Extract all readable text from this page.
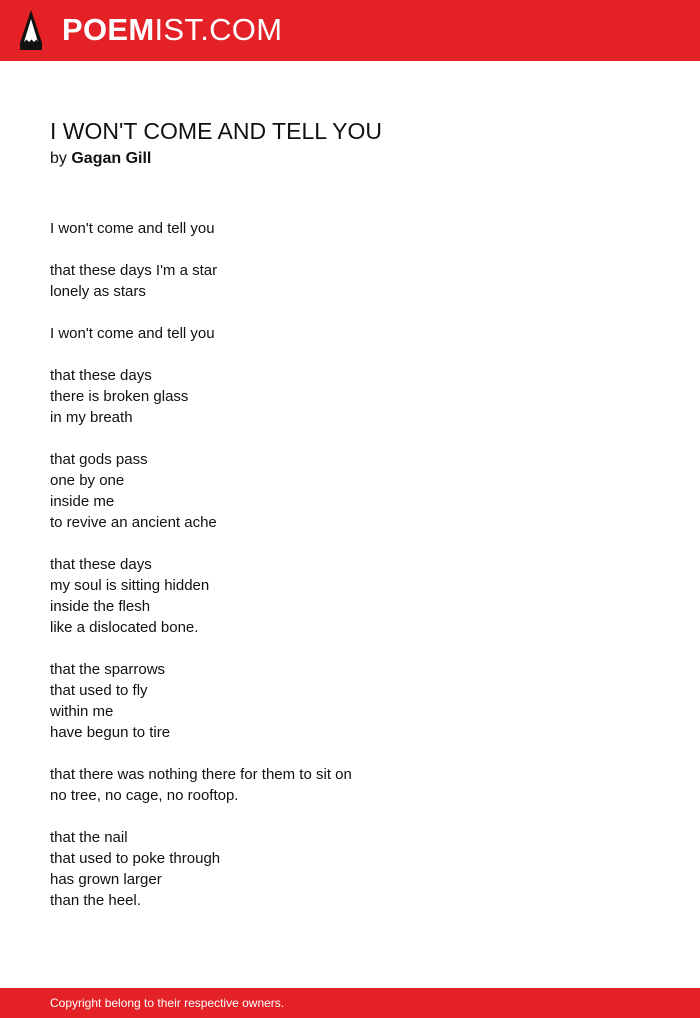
POEMIST.COM
I WON'T COME AND TELL YOU
by Gagan Gill

I won't come and tell you

that these days I'm a star
lonely as stars

I won't come and tell you

that these days
there is broken glass
in my breath

that gods pass
one by one
inside me
to revive an ancient ache

that these days
my soul is sitting hidden
inside the flesh
like a dislocated bone.

that the sparrows
that used to fly
within me
have begun to tire

that there was nothing there for them to sit on
no tree, no cage, no rooftop.

that the nail
that used to poke through
has grown larger
than the heel.

Copyright belong to their respective owners.
